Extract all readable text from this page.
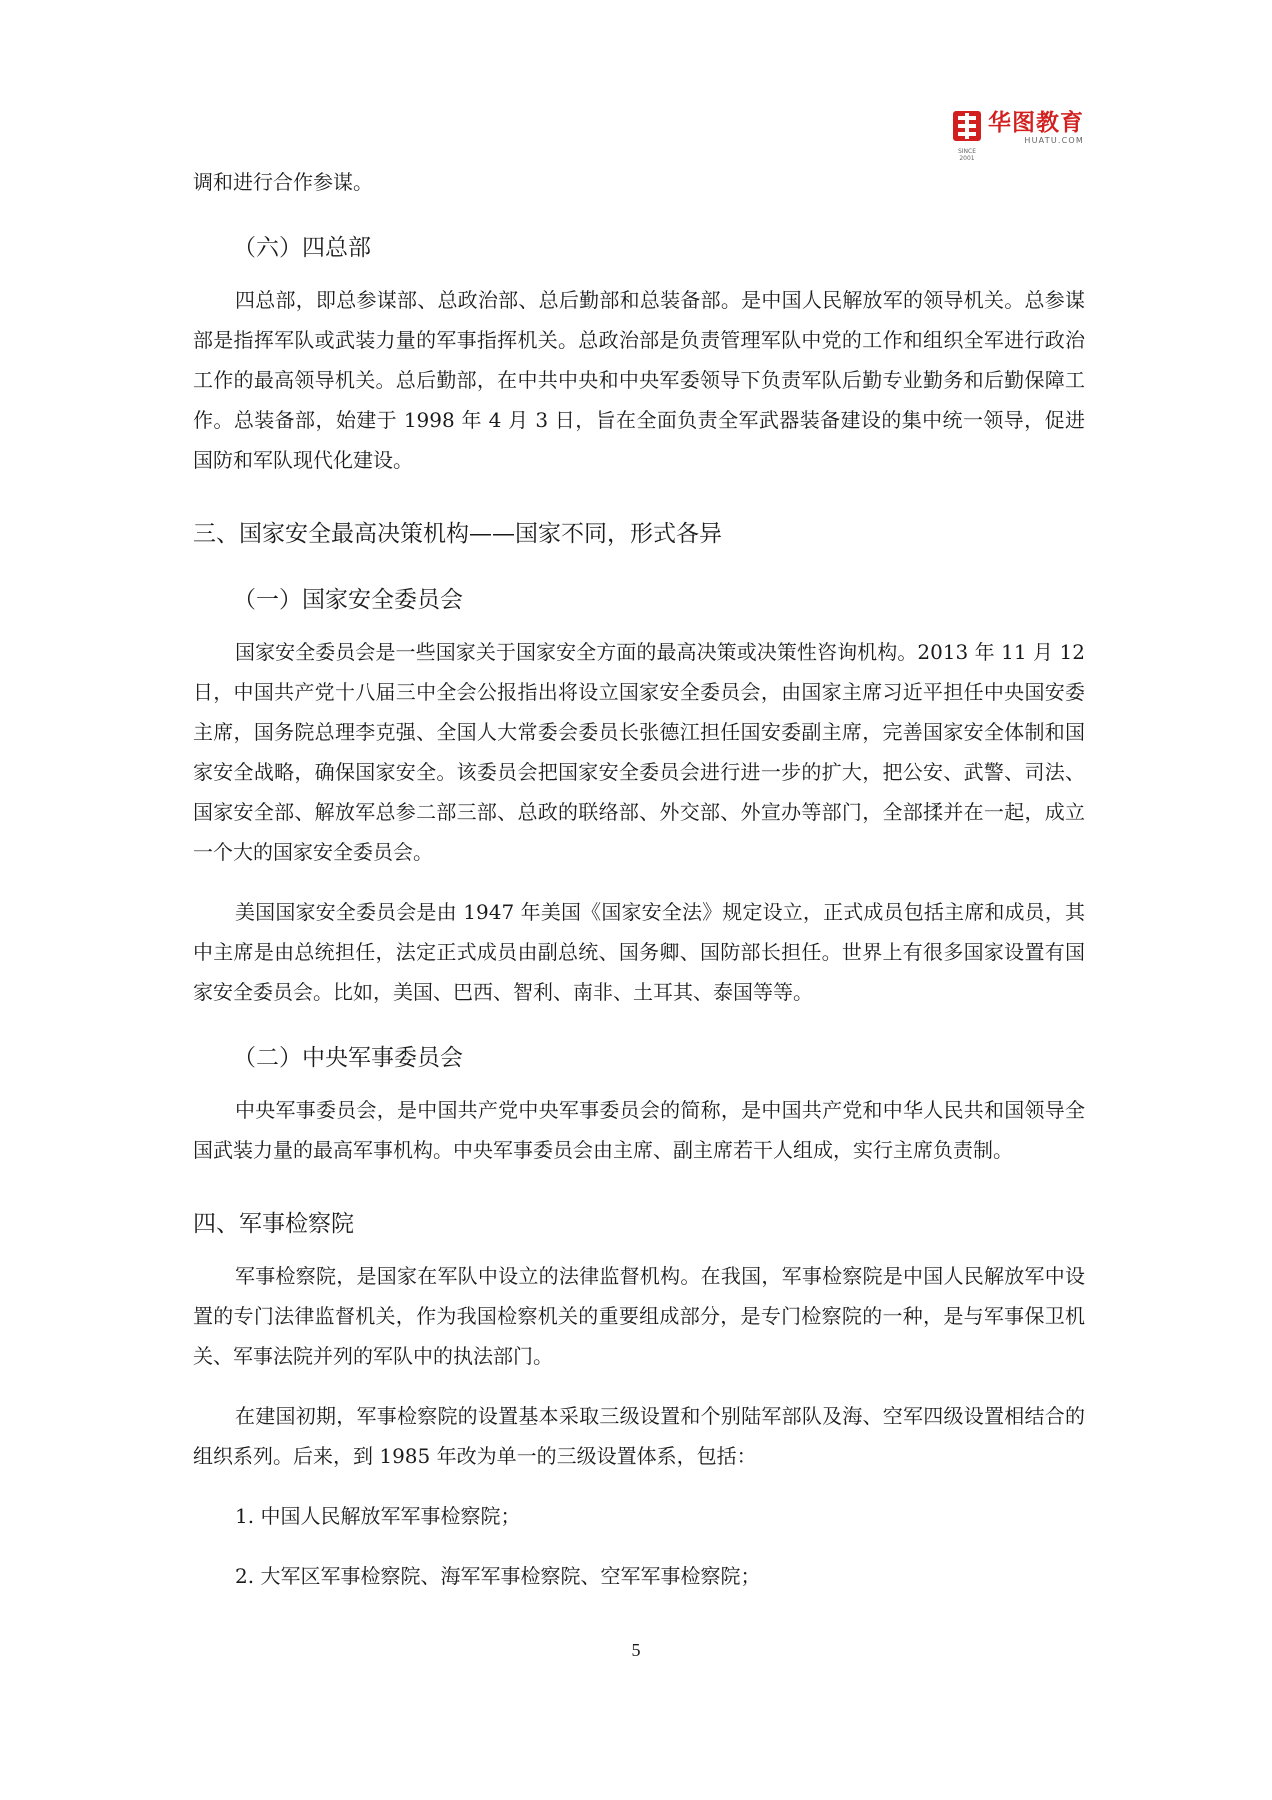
华图教育
HUATU.COM
SINCE 2001

调和进行合作参谋。

（六）四总部

四总部，即总参谋部、总政治部、总后勤部和总装备部。是中国人民解放军的领导机关。总参谋部是指挥军队或武装力量的军事指挥机关。总政治部是负责管理军队中党的工作和组织全军进行政治工作的最高领导机关。总后勤部，在中共中央和中央军委领导下负责军队后勤专业勤务和后勤保障工作。总装备部，始建于 1998 年 4 月 3 日，旨在全面负责全军武器装备建设的集中统一领导，促进国防和军队现代化建设。

三、国家安全最高决策机构——国家不同，形式各异

（一）国家安全委员会

国家安全委员会是一些国家关于国家安全方面的最高决策或决策性咨询机构。2013 年 11 月 12 日，中国共产党十八届三中全会公报指出将设立国家安全委员会，由国家主席习近平担任中央国安委主席，国务院总理李克强、全国人大常委会委员长张德江担任国安委副主席，完善国家安全体制和国家安全战略，确保国家安全。该委员会把国家安全委员会进行进一步的扩大，把公安、武警、司法、国家安全部、解放军总参二部三部、总政的联络部、外交部、外宣办等部门，全部揉并在一起，成立一个大的国家安全委员会。

美国国家安全委员会是由 1947 年美国《国家安全法》规定设立，正式成员包括主席和成员，其中主席是由总统担任，法定正式成员由副总统、国务卿、国防部长担任。世界上有很多国家设置有国家安全委员会。比如，美国、巴西、智利、南非、土耳其、泰国等等。

（二）中央军事委员会

中央军事委员会，是中国共产党中央军事委员会的简称，是中国共产党和中华人民共和国领导全国武装力量的最高军事机构。中央军事委员会由主席、副主席若干人组成，实行主席负责制。

四、军事检察院

军事检察院，是国家在军队中设立的法律监督机构。在我国，军事检察院是中国人民解放军中设置的专门法律监督机关，作为我国检察机关的重要组成部分，是专门检察院的一种，是与军事保卫机关、军事法院并列的军队中的执法部门。

在建国初期，军事检察院的设置基本采取三级设置和个别陆军部队及海、空军四级设置相结合的组织系列。后来，到 1985 年改为单一的三级设置体系，包括：

1. 中国人民解放军军事检察院；

2. 大军区军事检察院、海军军事检察院、空军军事检察院；

5
